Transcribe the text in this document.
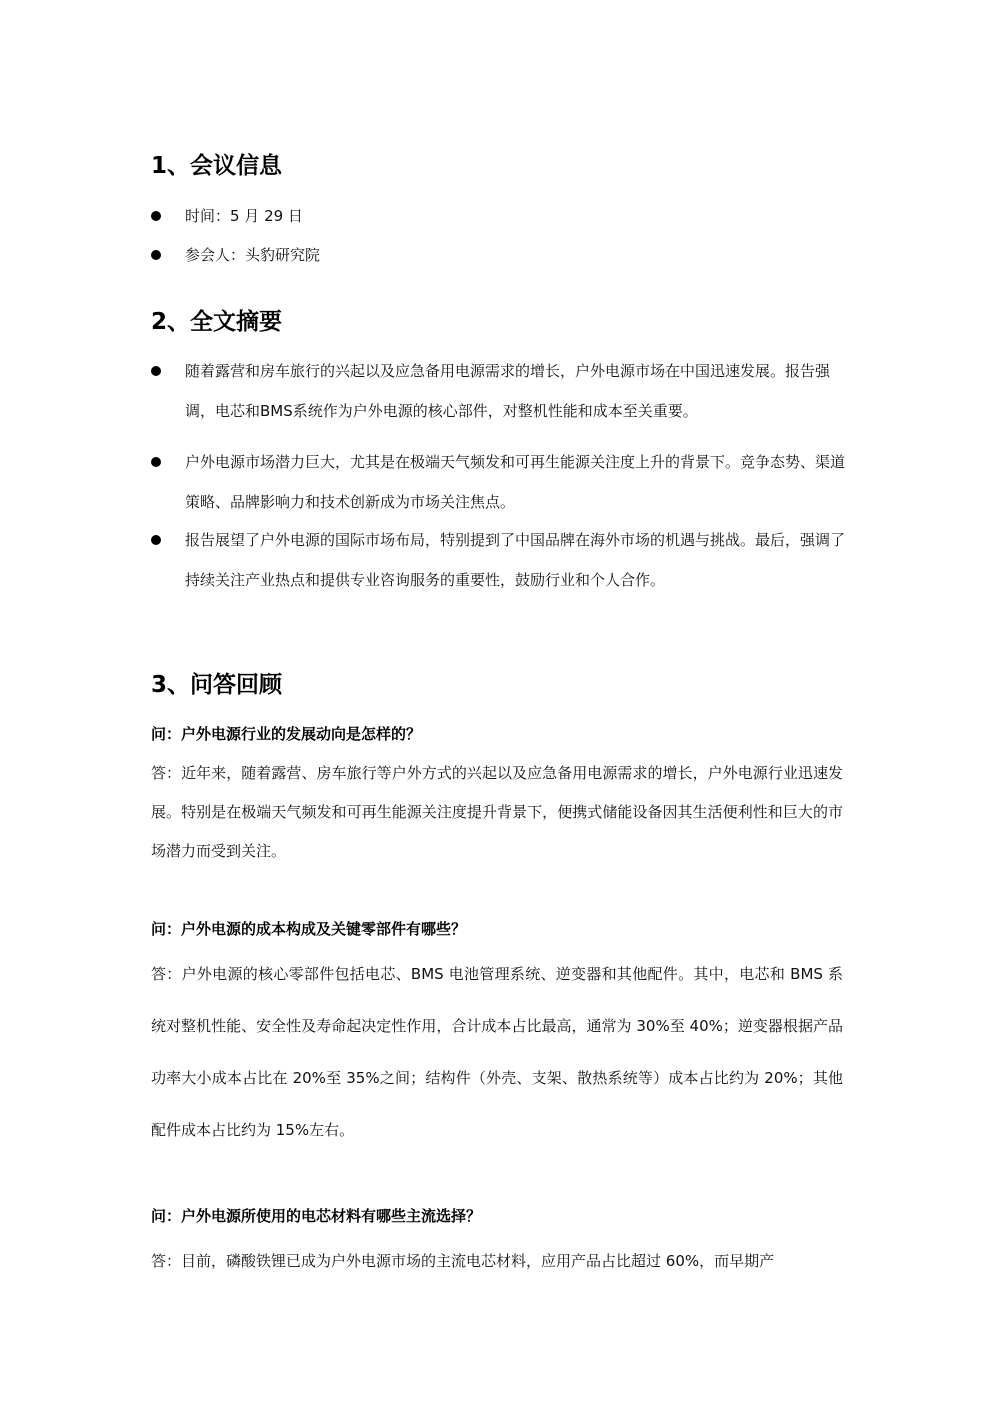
1、会议信息
时间：5 月 29 日
参会人：头豹研究院
2、全文摘要
随着露营和房车旅行的兴起以及应急备用电源需求的增长，户外电源市场在中国迅速发展。报告强调，电芯和BMS系统作为户外电源的核心部件，对整机性能和成本至关重要。
户外电源市场潜力巨大，尤其是在极端天气频发和可再生能源关注度上升的背景下。竞争态势、渠道策略、品牌影响力和技术创新成为市场关注焦点。
报告展望了户外电源的国际市场布局，特别提到了中国品牌在海外市场的机遇与挑战。最后，强调了持续关注产业热点和提供专业咨询服务的重要性，鼓励行业和个人合作。
3、问答回顾
问：户外电源行业的发展动向是怎样的？
答：近年来，随着露营、房车旅行等户外方式的兴起以及应急备用电源需求的增长，户外电源行业迅速发展。特别是在极端天气频发和可再生能源关注度提升背景下，便携式储能设备因其生活便利性和巨大的市场潜力而受到关注。
问：户外电源的成本构成及关键零部件有哪些？
答：户外电源的核心零部件包括电芯、BMS 电池管理系统、逆变器和其他配件。其中，电芯和 BMS 系统对整机性能、安全性及寿命起决定性作用，合计成本占比最高，通常为 30%至 40%；逆变器根据产品功率大小成本占比在 20%至 35%之间；结构件（外壳、支架、散热系统等）成本占比约为 20%；其他配件成本占比约为 15%左右。
问：户外电源所使用的电芯材料有哪些主流选择？
答：目前，磷酸铁锂已成为户外电源市场的主流电芯材料，应用产品占比超过 60%，而早期产
